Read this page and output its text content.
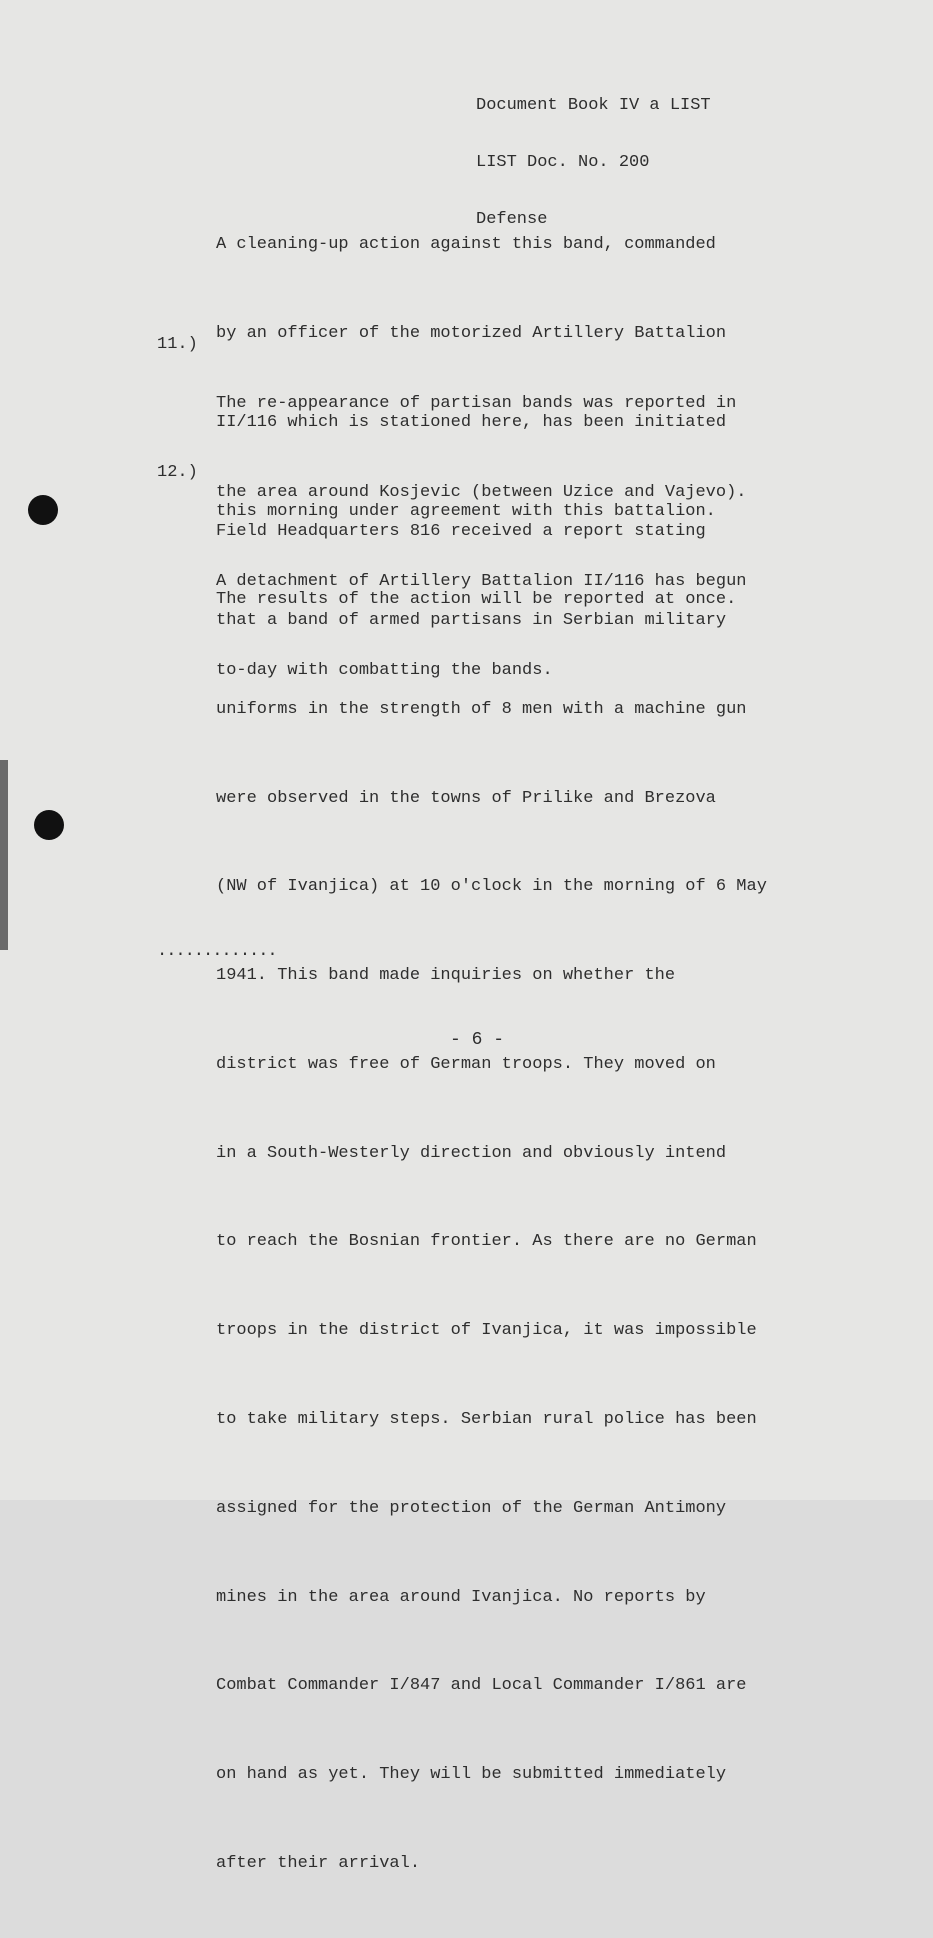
Document Book IV a LIST

LIST Doc. No. 200

Defense

A cleaning-up action against this band, commanded

by an officer of the motorized Artillery Battalion

II/116 which is stationed here, has been initiated

this morning under agreement with this battalion.

The results of the action will be reported at once.

11.)

The re-appearance of partisan bands was reported in

the area around Kosjevic (between Uzice and Vajevo).

A detachment of Artillery Battalion II/116 has begun

to-day with combatting the bands.

12.)

Field Headquarters 816 received a report stating

that a band of armed partisans in Serbian military

uniforms in the strength of 8 men with a machine gun

were observed in the towns of Prilike and Brezova

(NW of Ivanjica) at 10 o'clock in the morning of 6 May

1941. This band made inquiries on whether the

district was free of German troops. They moved on

in a South-Westerly direction and obviously intend

to reach the Bosnian frontier. As there are no German

troops in the district of Ivanjica, it was impossible

to take military steps. Serbian rural police has been

assigned for the protection of the German Antimony

mines in the area around Ivanjica. No reports by

Combat Commander I/847 and Local Commander I/861 are

on hand as yet. They will be submitted immediately

after their arrival.

.............
- 6 -
